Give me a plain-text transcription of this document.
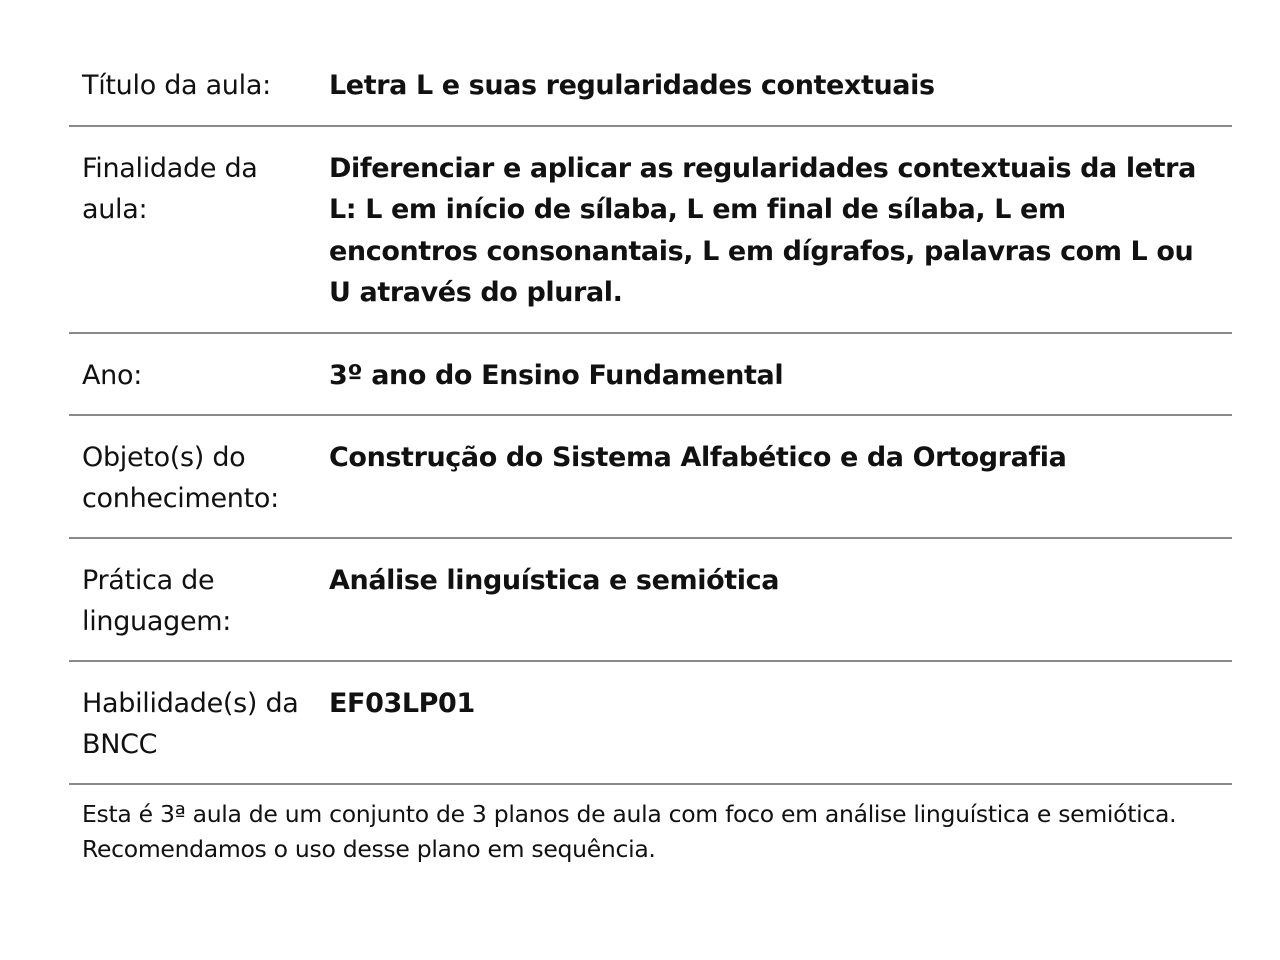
Título da aula:	Letra L e suas regularidades contextuais
Finalidade da aula:
Diferenciar e aplicar as regularidades contextuais da letra L: L em início de sílaba, L em final de sílaba, L em encontros consonantais, L em dígrafos, palavras com L ou U através do plural.
Ano:	3º ano do Ensino Fundamental
Objeto(s) do conhecimento:
Construção do Sistema Alfabético e da Ortografia
Prática de linguagem:
Análise linguística e semiótica
Habilidade(s) da BNCC
EF03LP01
Esta é 3ª aula de um conjunto de 3 planos de aula com foco em análise linguística e semiótica. Recomendamos o uso desse plano em sequência.
